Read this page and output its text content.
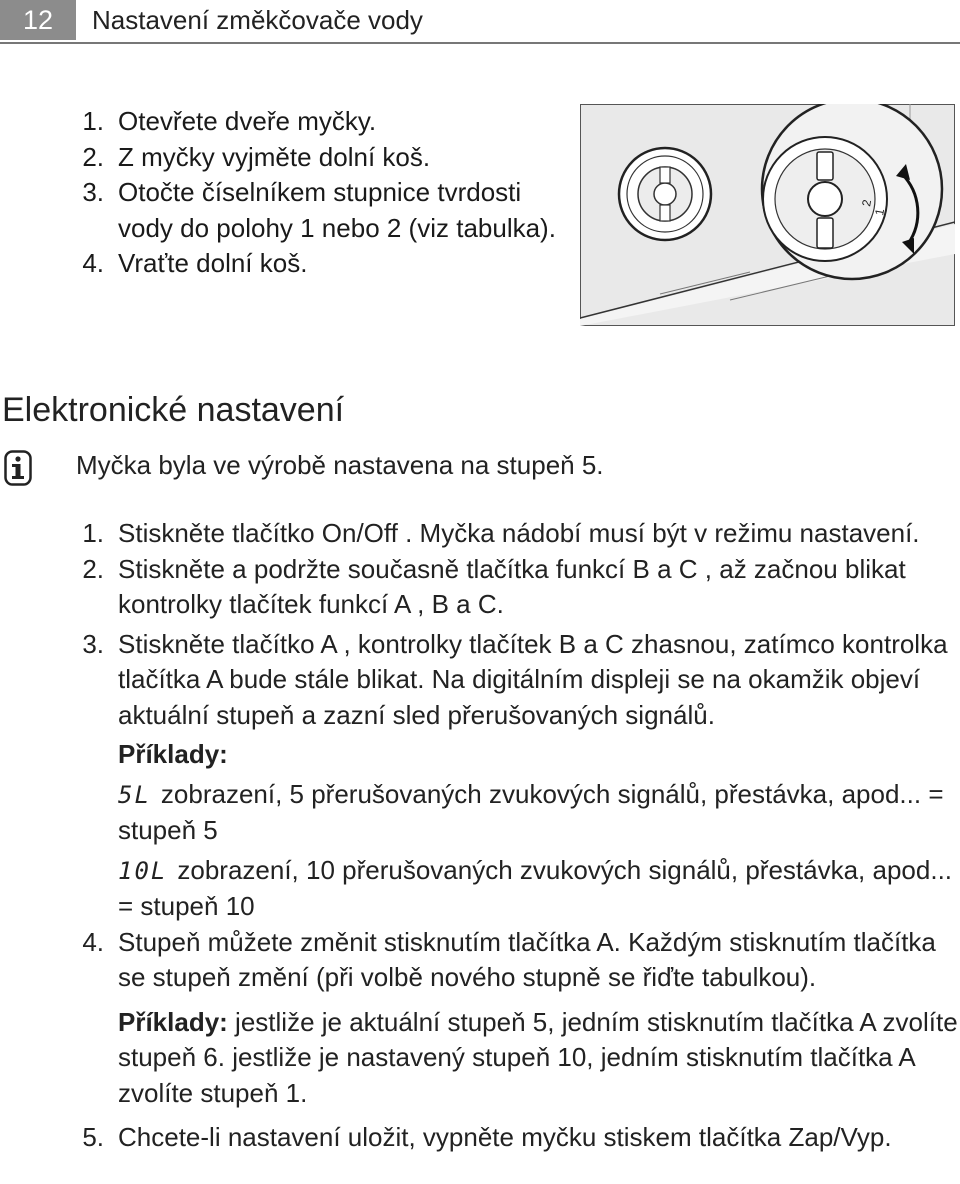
12	Nastavení změkčovače vody
1. Otevřete dveře myčky.
2. Z myčky vyjměte dolní koš.
3. Otočte číselníkem stupnice tvrdosti vody do polohy 1 nebo 2 (viz tabulka).
4. Vraťte dolní koš.
2
1
Elektronické nastavení
Myčka byla ve výrobě nastavena na stupeň 5.
1. Stiskněte tlačítko On/Off . Myčka nádobí musí být v režimu nastavení.
2. Stiskněte a podržte současně tlačítka funkcí B a C , až začnou blikat kontrolky tlačítek funkcí A , B a C.
3. Stiskněte tlačítko A , kontrolky tlačítek B a C zhasnou, zatímco kontrolka tlačítka A bude stále blikat. Na digitálním displeji se na okamžik objeví aktuální stupeň a zazní sled přerušovaných signálů.
Příklady:
5L zobrazení, 5 přerušovaných zvukových signálů, přestávka, apod... = stupeň 5
10L zobrazení, 10 přerušovaných zvukových signálů, přestávka, apod... = stupeň 10
4. Stupeň můžete změnit stisknutím tlačítka A. Každým stisknutím tlačítka se stupeň změní (při volbě nového stupně se řiďte tabulkou).
Příklady: jestliže je aktuální stupeň 5, jedním stisknutím tlačítka A zvolíte stupeň 6. jestliže je nastavený stupeň 10, jedním stisknutím tlačítka A zvolíte stupeň 1.
5. Chcete-li nastavení uložit, vypněte myčku stiskem tlačítka Zap/Vyp.
